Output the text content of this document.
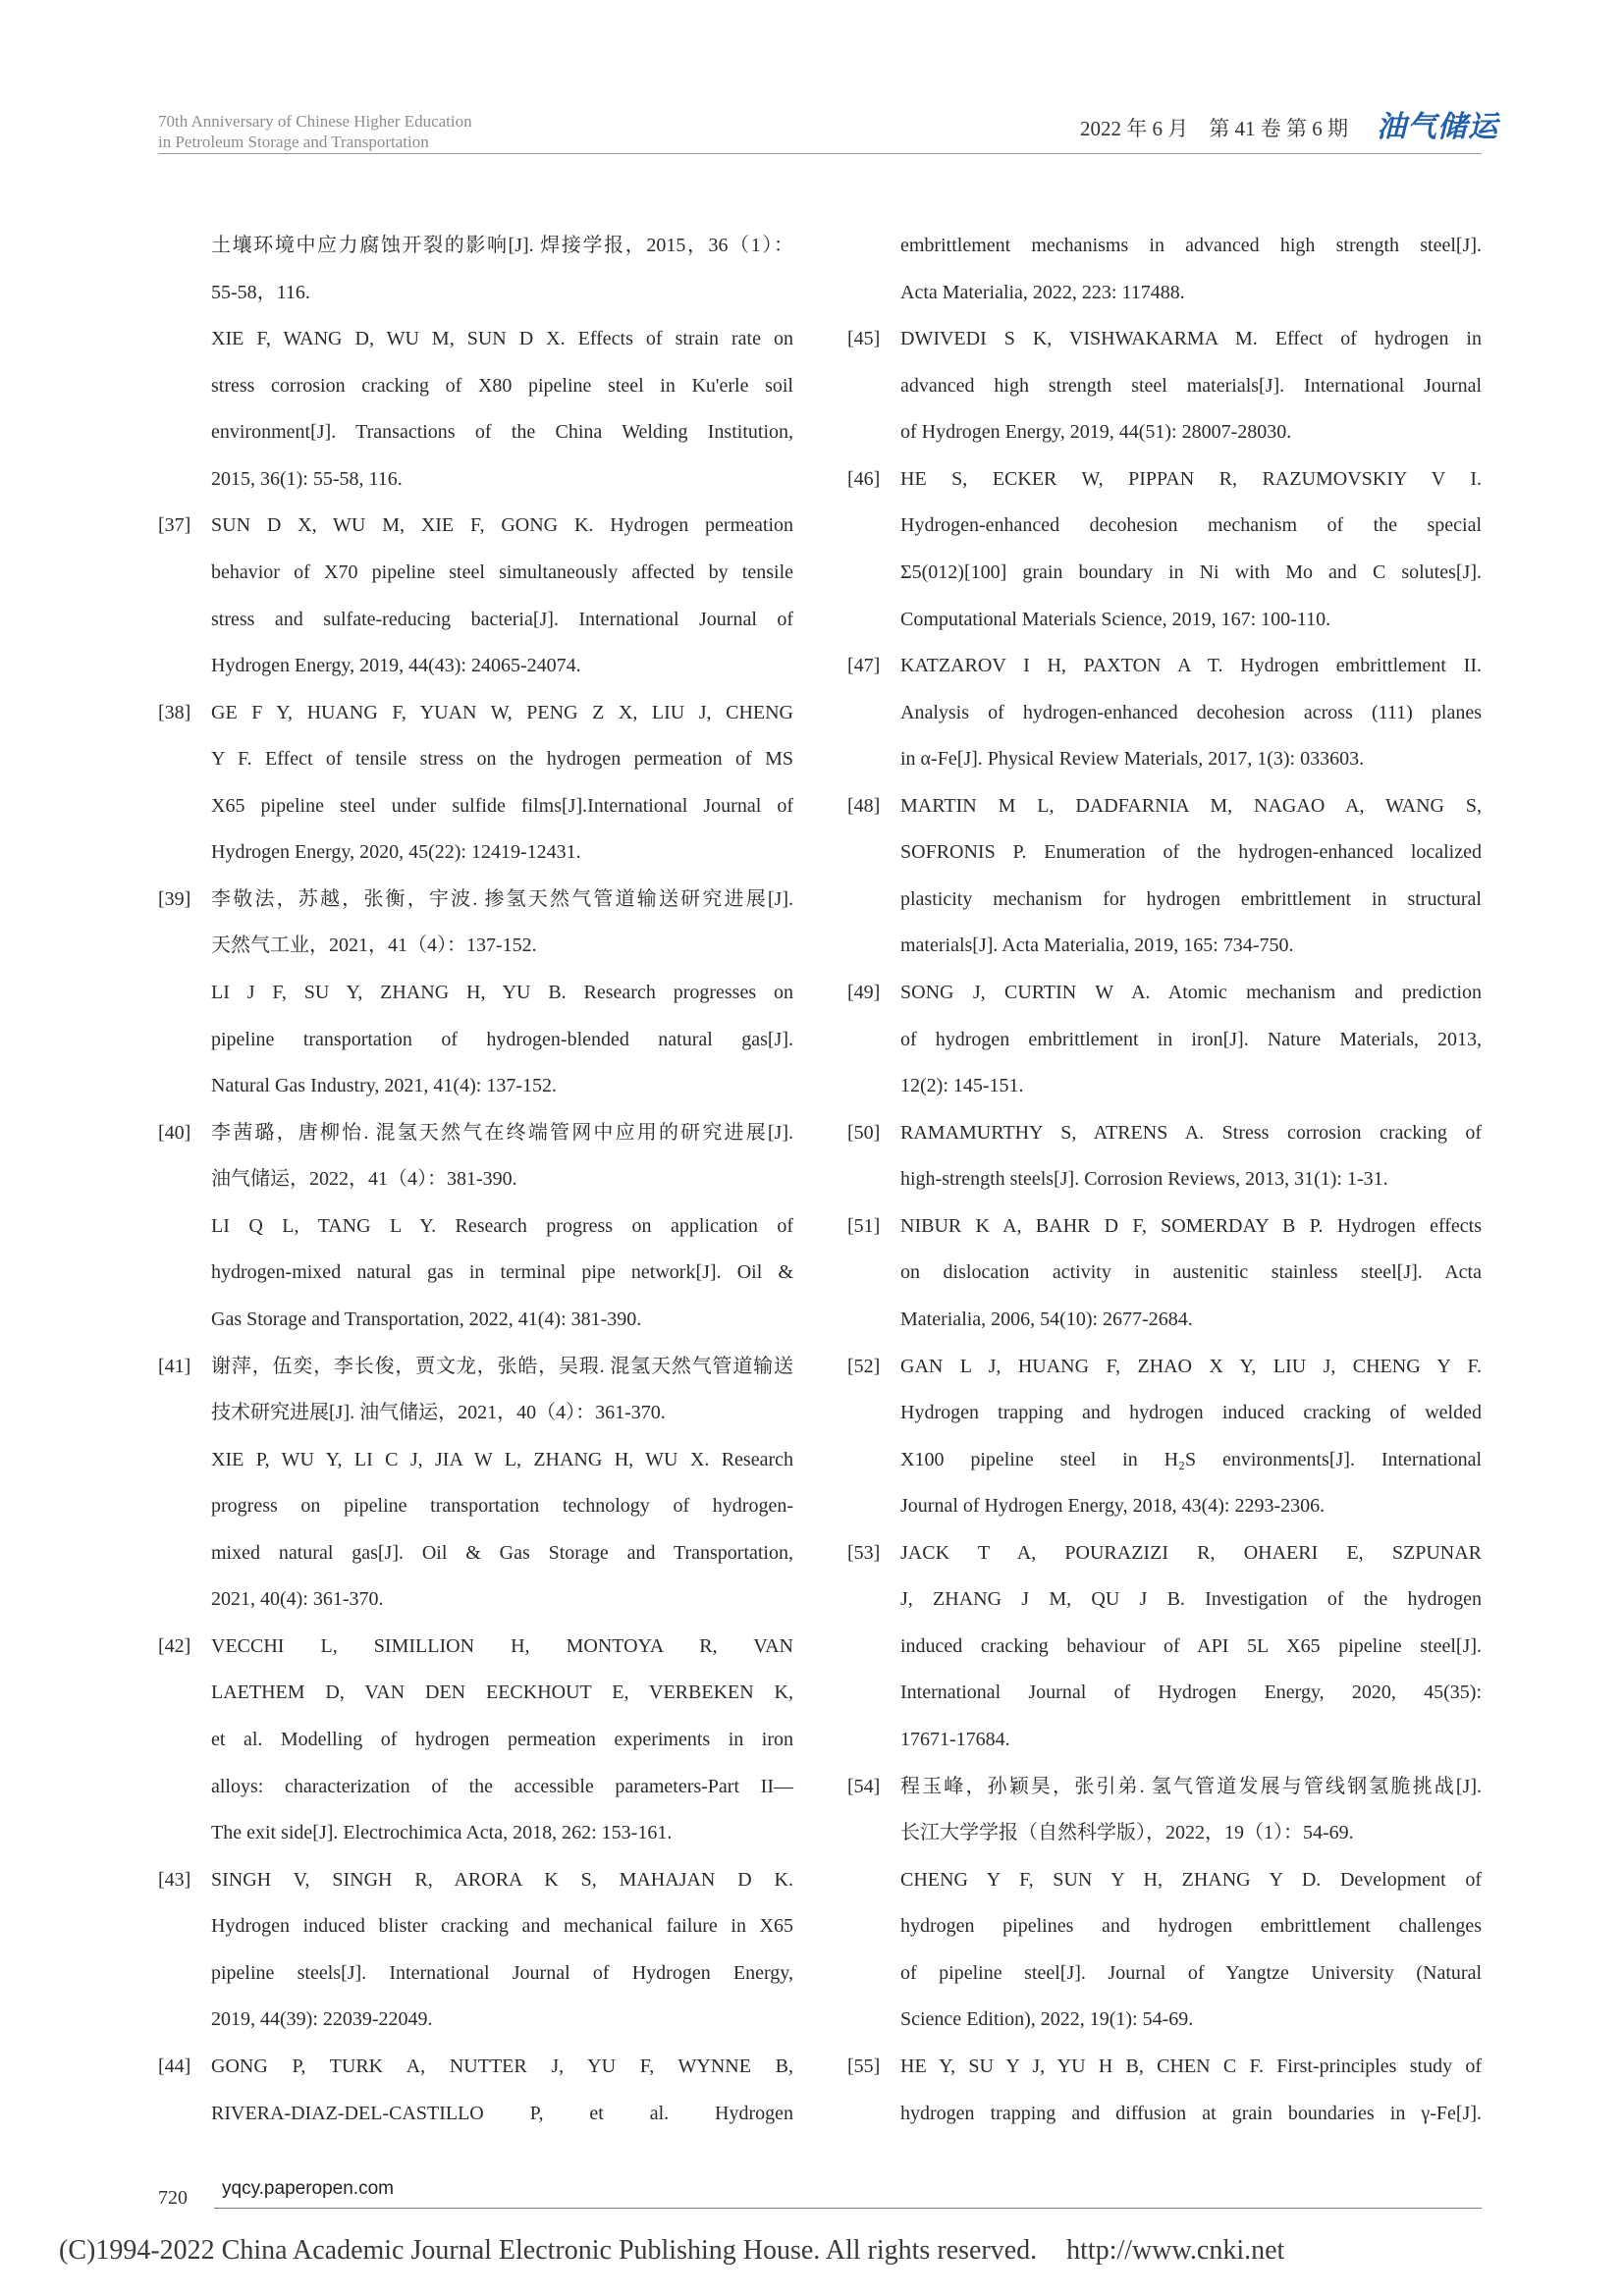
70th Anniversary of Chinese Higher Education
in Petroleum Storage and Transportation
2022 年 6 月　第 41 卷 第 6 期 油气储运
土壤环境中应力腐蚀开裂的影响[J]. 焊接学报，2015，36（1）：
55-58，116.
XIE F, WANG D, WU M, SUN D X. Effects of strain rate on
stress corrosion cracking of X80 pipeline steel in Ku'erle soil
environment[J]. Transactions of the China Welding Institution,
2015, 36(1): 55-58, 116.
[37] SUN D X, WU M, XIE F, GONG K. Hydrogen permeation
behavior of X70 pipeline steel simultaneously affected by tensile
stress and sulfate-reducing bacteria[J]. International Journal of
Hydrogen Energy, 2019, 44(43): 24065-24074.
[38] GE F Y, HUANG F, YUAN W, PENG Z X, LIU J, CHENG
Y F. Effect of tensile stress on the hydrogen permeation of MS
X65 pipeline steel under sulfide films[J].International Journal of
Hydrogen Energy, 2020, 45(22): 12419-12431.
[39] 李敬法，苏越，张衡，宇波. 掺氢天然气管道输送研究进展[J].
天然气工业，2021，41（4）：137-152.
LI J F, SU Y, ZHANG H, YU B. Research progresses on
pipeline transportation of hydrogen-blended natural gas[J].
Natural Gas Industry, 2021, 41(4): 137-152.
[40] 李茜璐，唐柳怡. 混氢天然气在终端管网中应用的研究进展[J].
油气储运，2022，41（4）：381-390.
LI Q L, TANG L Y. Research progress on application of
hydrogen-mixed natural gas in terminal pipe network[J]. Oil &
Gas Storage and Transportation, 2022, 41(4): 381-390.
[41] 谢萍，伍奕，李长俊，贾文龙，张皓，吴瑕. 混氢天然气管道输送
技术研究进展[J]. 油气储运，2021，40（4）：361-370.
XIE P, WU Y, LI C J, JIA W L, ZHANG H, WU X. Research
progress on pipeline transportation technology of hydrogen-
mixed natural gas[J]. Oil & Gas Storage and Transportation,
2021, 40(4): 361-370.
[42] VECCHI L, SIMILLION H, MONTOYA R, VAN
LAETHEM D, VAN DEN EECKHOUT E, VERBEKEN K,
et al. Modelling of hydrogen permeation experiments in iron
alloys: characterization of the accessible parameters-Part II—
The exit side[J]. Electrochimica Acta, 2018, 262: 153-161.
[43] SINGH V, SINGH R, ARORA K S, MAHAJAN D K.
Hydrogen induced blister cracking and mechanical failure in X65
pipeline steels[J]. International Journal of Hydrogen Energy,
2019, 44(39): 22039-22049.
[44] GONG P, TURK A, NUTTER J, YU F, WYNNE B,
RIVERA-DIAZ-DEL-CASTILLO P, et al. Hydrogen
embrittlement mechanisms in advanced high strength steel[J].
Acta Materialia, 2022, 223: 117488.
[45] DWIVEDI S K, VISHWAKARMA M. Effect of hydrogen in
advanced high strength steel materials[J]. International Journal
of Hydrogen Energy, 2019, 44(51): 28007-28030.
[46] HE S, ECKER W, PIPPAN R, RAZUMOVSKIY V I.
Hydrogen-enhanced decohesion mechanism of the special
Σ5(012)[100] grain boundary in Ni with Mo and C solutes[J].
Computational Materials Science, 2019, 167: 100-110.
[47] KATZAROV I H, PAXTON A T. Hydrogen embrittlement II.
Analysis of hydrogen-enhanced decohesion across (111) planes
in α-Fe[J]. Physical Review Materials, 2017, 1(3): 033603.
[48] MARTIN M L, DADFARNIA M, NAGAO A, WANG S,
SOFRONIS P. Enumeration of the hydrogen-enhanced localized
plasticity mechanism for hydrogen embrittlement in structural
materials[J]. Acta Materialia, 2019, 165: 734-750.
[49] SONG J, CURTIN W A. Atomic mechanism and prediction
of hydrogen embrittlement in iron[J]. Nature Materials, 2013,
12(2): 145-151.
[50] RAMAMURTHY S, ATRENS A. Stress corrosion cracking of
high-strength steels[J]. Corrosion Reviews, 2013, 31(1): 1-31.
[51] NIBUR K A, BAHR D F, SOMERDAY B P. Hydrogen effects
on dislocation activity in austenitic stainless steel[J]. Acta
Materialia, 2006, 54(10): 2677-2684.
[52] GAN L J, HUANG F, ZHAO X Y, LIU J, CHENG Y F.
Hydrogen trapping and hydrogen induced cracking of welded
X100 pipeline steel in H₂S environments[J]. International
Journal of Hydrogen Energy, 2018, 43(4): 2293-2306.
[53] JACK T A, POURAZIZI R, OHAERI E, SZPUNAR
J, ZHANG J M, QU J B. Investigation of the hydrogen
induced cracking behaviour of API 5L X65 pipeline steel[J].
International Journal of Hydrogen Energy, 2020, 45(35):
17671-17684.
[54] 程玉峰，孙颖昊，张引弟. 氢气管道发展与管线钢氢脆挑战[J].
长江大学学报（自然科学版），2022，19（1）：54-69.
CHENG Y F, SUN Y H, ZHANG Y D. Development of
hydrogen pipelines and hydrogen embrittlement challenges
of pipeline steel[J]. Journal of Yangtze University (Natural
Science Edition), 2022, 19(1): 54-69.
[55] HE Y, SU Y J, YU H B, CHEN C F. First-principles study of
hydrogen trapping and diffusion at grain boundaries in γ-Fe[J].
720 yqcy.paperopen.com
(C)1994-2022 China Academic Journal Electronic Publishing House. All rights reserved. http://www.cnki.net
